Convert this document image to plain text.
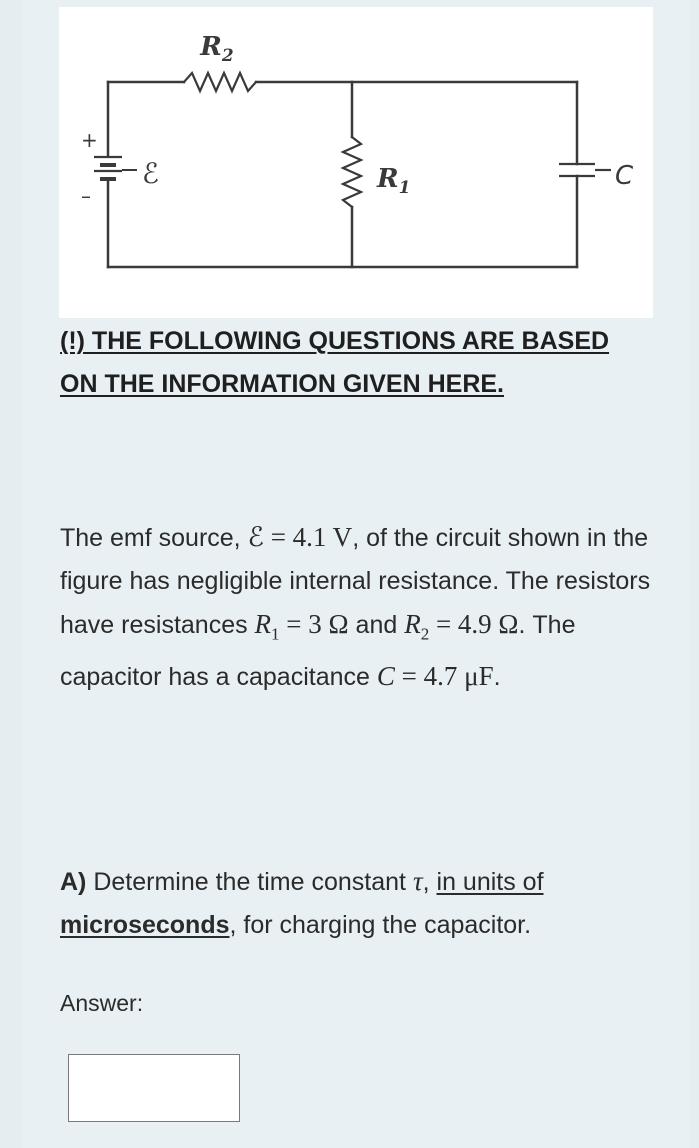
$R_2$
$R_1$
ℰ	C
+
–
(!) THE FOLLOWING QUESTIONS ARE BASED ON THE INFORMATION GIVEN HERE.
The emf source, ℰ = 4.1 V, of the circuit shown in the figure has negligible internal resistance. The resistors have resistances $R_1 = 3$ Ω and $R_2 = 4.9$ Ω. The capacitor has a capacitance C = 4.7 μF.
A) Determine the time constant τ, in units of microseconds, for charging the capacitor.
Answer:
